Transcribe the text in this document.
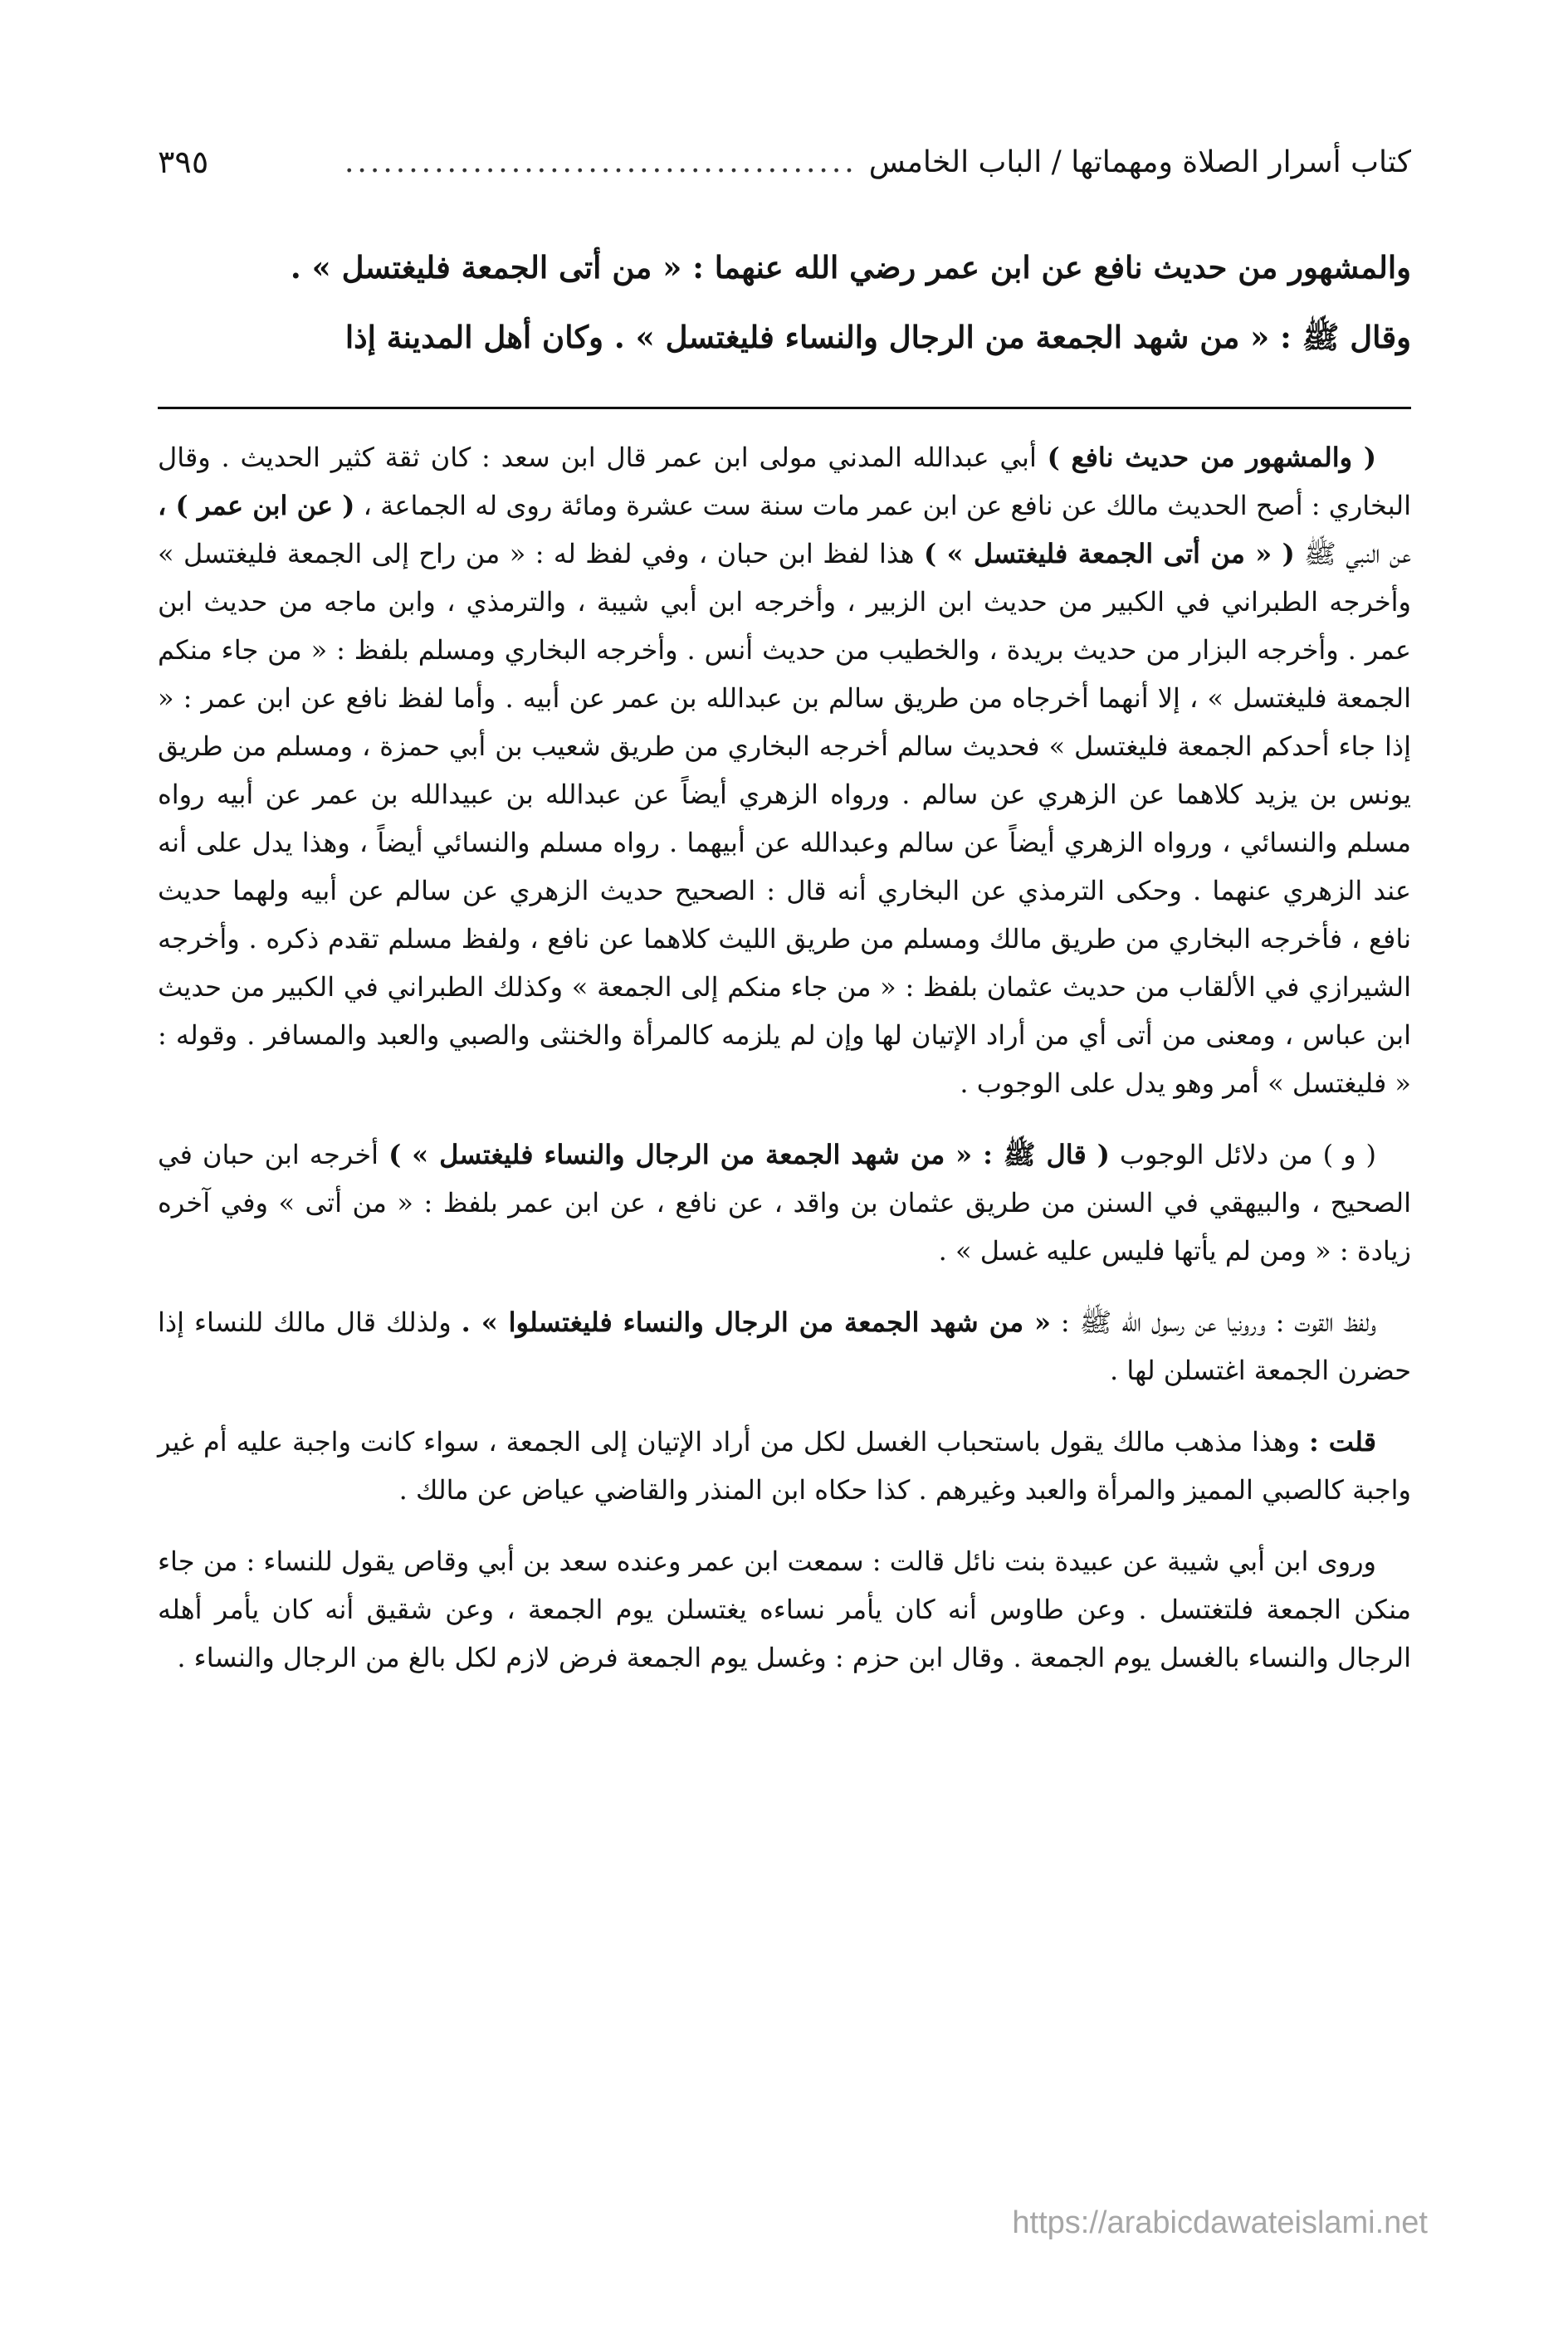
كتاب أسرار الصلاة ومهماتها / الباب الخامس
........................................
٣٩٥

والمشهور من حديث نافع عن ابن عمر رضي الله عنهما : « من أتى الجمعة فليغتسل » .

وقال ﷺ : « من شهد الجمعة من الرجال والنساء فليغتسل » . وكان أهل المدينة إذا

( والمشهور من حديث نافع ) أبي عبدالله المدني مولى ابن عمر قال ابن سعد : كان ثقة كثير الحديث . وقال البخاري : أصح الحديث مالك عن نافع عن ابن عمر مات سنة ست عشرة ومائة روى له الجماعة ، ( عن ابن عمر ) ، عن النبي ﷺ ( « من أتى الجمعة فليغتسل » ) هذا لفظ ابن حبان ، وفي لفظ له : « من راح إلى الجمعة فليغتسل » وأخرجه الطبراني في الكبير من حديث ابن الزبير ، وأخرجه ابن أبي شيبة ، والترمذي ، وابن ماجه من حديث ابن عمر . وأخرجه البزار من حديث بريدة ، والخطيب من حديث أنس . وأخرجه البخاري ومسلم بلفظ : « من جاء منكم الجمعة فليغتسل » ، إلا أنهما أخرجاه من طريق سالم بن عبدالله بن عمر عن أبيه . وأما لفظ نافع عن ابن عمر : « إذا جاء أحدكم الجمعة فليغتسل » فحديث سالم أخرجه البخاري من طريق شعيب بن أبي حمزة ، ومسلم من طريق يونس بن يزيد كلاهما عن الزهري عن سالم . ورواه الزهري أيضاً عن عبدالله بن عبيدالله بن عمر عن أبيه رواه مسلم والنسائي ، ورواه الزهري أيضاً عن سالم وعبدالله عن أبيهما . رواه مسلم والنسائي أيضاً ، وهذا يدل على أنه عند الزهري عنهما . وحكى الترمذي عن البخاري أنه قال : الصحيح حديث الزهري عن سالم عن أبيه ولهما حديث نافع ، فأخرجه البخاري من طريق مالك ومسلم من طريق الليث كلاهما عن نافع ، ولفظ مسلم تقدم ذكره . وأخرجه الشيرازي في الألقاب من حديث عثمان بلفظ : « من جاء منكم إلى الجمعة » وكذلك الطبراني في الكبير من حديث ابن عباس ، ومعنى من أتى أي من أراد الإتيان لها وإن لم يلزمه كالمرأة والخنثى والصبي والعبد والمسافر . وقوله : « فليغتسل » أمر وهو يدل على الوجوب .

( و ) من دلائل الوجوب ( قال ﷺ : « من شهد الجمعة من الرجال والنساء فليغتسل » ) أخرجه ابن حبان في الصحيح ، والبيهقي في السنن من طريق عثمان بن واقد ، عن نافع ، عن ابن عمر بلفظ : « من أتى » وفي آخره زيادة : « ومن لم يأتها فليس عليه غسل » .

ولفظ القوت : ورونيا عن رسول الله ﷺ : « من شهد الجمعة من الرجال والنساء فليغتسلوا » . ولذلك قال مالك للنساء إذا حضرن الجمعة اغتسلن لها .

قلت : وهذا مذهب مالك يقول باستحباب الغسل لكل من أراد الإتيان إلى الجمعة ، سواء كانت واجبة عليه أم غير واجبة كالصبي المميز والمرأة والعبد وغيرهم . كذا حكاه ابن المنذر والقاضي عياض عن مالك .

وروى ابن أبي شيبة عن عبيدة بنت نائل قالت : سمعت ابن عمر وعنده سعد بن أبي وقاص يقول للنساء : من جاء منكن الجمعة فلتغتسل . وعن طاوس أنه كان يأمر نساءه يغتسلن يوم الجمعة ، وعن شقيق أنه كان يأمر أهله الرجال والنساء بالغسل يوم الجمعة . وقال ابن حزم : وغسل يوم الجمعة فرض لازم لكل بالغ من الرجال والنساء .

https://arabicdawateislami.net
